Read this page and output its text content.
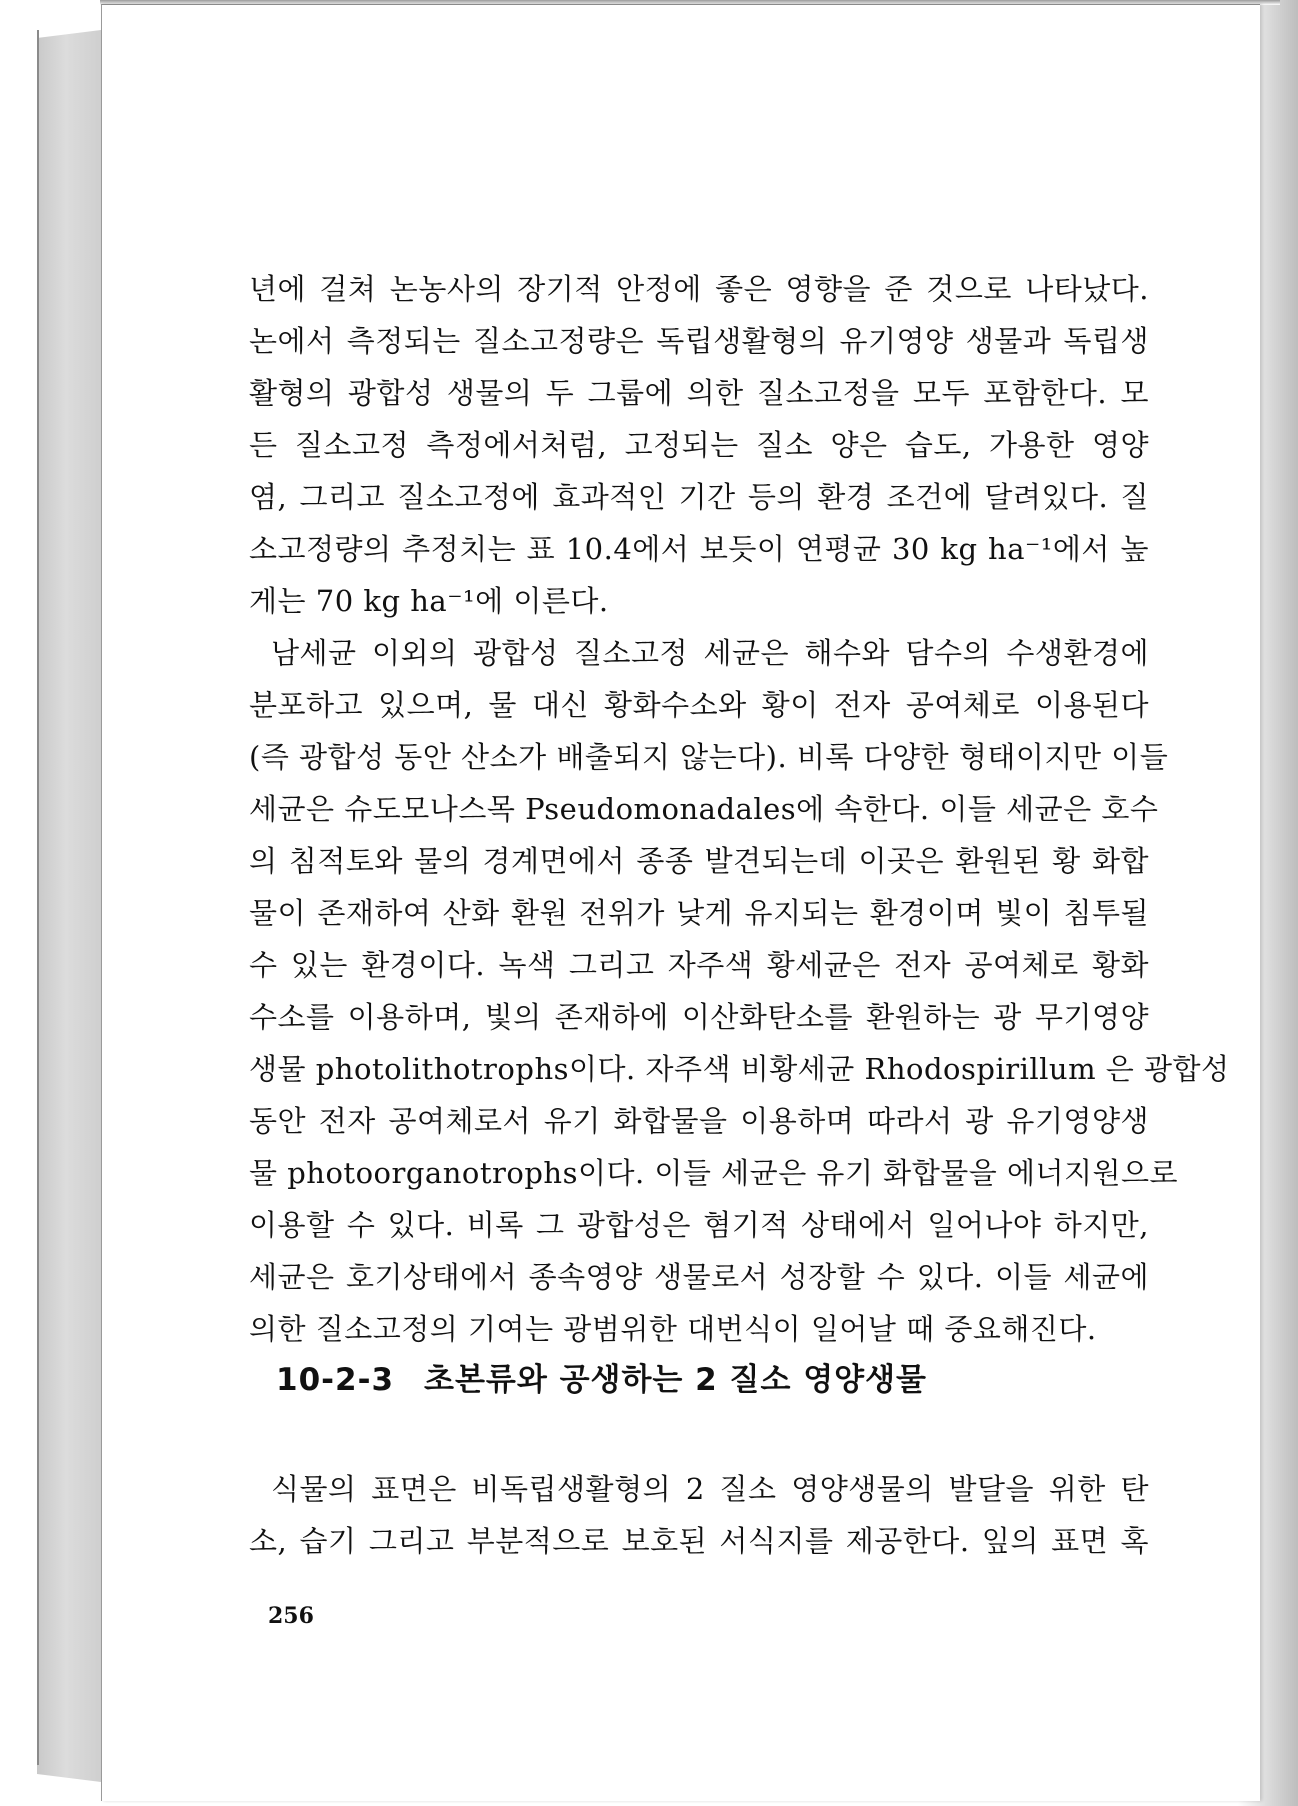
년에 걸쳐 논농사의 장기적 안정에 좋은 영향을 준 것으로 나타났다.
논에서 측정되는 질소고정량은 독립생활형의 유기영양 생물과 독립생
활형의 광합성 생물의 두 그룹에 의한 질소고정을 모두 포함한다. 모
든 질소고정 측정에서처럼, 고정되는 질소 양은 습도, 가용한 영양
염, 그리고 질소고정에 효과적인 기간 등의 환경 조건에 달려있다. 질
소고정량의 추정치는 표 10.4에서 보듯이 연평균 30 kg ha⁻¹에서 높
게는 70 kg ha⁻¹에 이른다.
남세균 이외의 광합성 질소고정 세균은 해수와 담수의 수생환경에
분포하고 있으며, 물 대신 황화수소와 황이 전자 공여체로 이용된다
(즉 광합성 동안 산소가 배출되지 않는다). 비록 다양한 형태이지만 이들
세균은 슈도모나스목 Pseudomonadales에 속한다. 이들 세균은 호수
의 침적토와 물의 경계면에서 종종 발견되는데 이곳은 환원된 황 화합
물이 존재하여 산화 환원 전위가 낮게 유지되는 환경이며 빛이 침투될
수 있는 환경이다. 녹색 그리고 자주색 황세균은 전자 공여체로 황화
수소를 이용하며, 빛의 존재하에 이산화탄소를 환원하는 광 무기영양
생물 photolithotrophs이다. 자주색 비황세균 Rhodospirillum 은 광합성
동안 전자 공여체로서 유기 화합물을 이용하며 따라서 광 유기영양생
물 photoorganotrophs이다. 이들 세균은 유기 화합물을 에너지원으로
이용할 수 있다. 비록 그 광합성은 혐기적 상태에서 일어나야 하지만,
세균은 호기상태에서 종속영양 생물로서 성장할 수 있다. 이들 세균에
의한 질소고정의 기여는 광범위한 대번식이 일어날 때 중요해진다.
10-2-3 초본류와 공생하는 2 질소 영양생물
식물의 표면은 비독립생활형의 2 질소 영양생물의 발달을 위한 탄
소, 습기 그리고 부분적으로 보호된 서식지를 제공한다. 잎의 표면 혹
256
